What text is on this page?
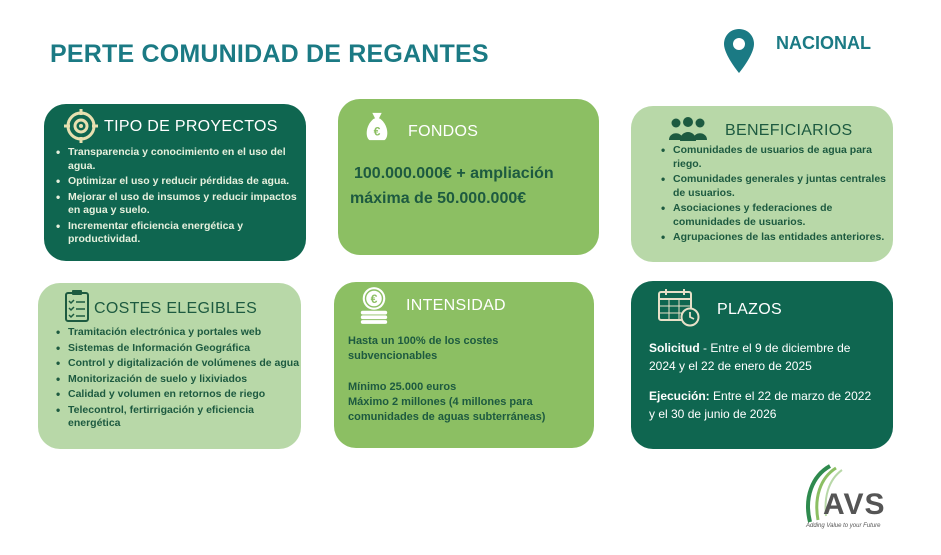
PERTE COMUNIDAD DE REGANTES	NACIONAL
TIPO DE PROYECTOS
• Transparencia y conocimiento en el uso del agua.
• Optimizar el uso y reducir pérdidas de agua.
• Mejorar el uso de insumos y reducir impactos en agua y suelo.
• Incrementar eficiencia energética y productividad.
€ FONDOS
100.000.000€ + ampliación
máxima de 50.000.000€
BENEFICIARIOS
• Comunidades de usuarios de agua para riego.
• Comunidades generales y juntas centrales de usuarios.
• Asociaciones y federaciones de comunidades de usuarios.
• Agrupaciones de las entidades anteriores.
COSTES ELEGIBLES
• Tramitación electrónica y portales web
• Sistemas de Información Geográfica
• Control y digitalización de volúmenes de agua
• Monitorización de suelo y lixiviados
• Calidad y volumen en retornos de riego
• Telecontrol, fertirrigación y eficiencia energética
€ INTENSIDAD
Hasta un 100% de los costes subvencionables
Mínimo 25.000 euros
Máximo 2 millones (4 millones para comunidades de aguas subterráneas)
PLAZOS
Solicitud - Entre el 9 de diciembre de 2024 y el 22 de enero de 2025
Ejecución: Entre el 22 de marzo de 2022 y el 30 de junio de 2026
AVS
Adding Value to your Future
